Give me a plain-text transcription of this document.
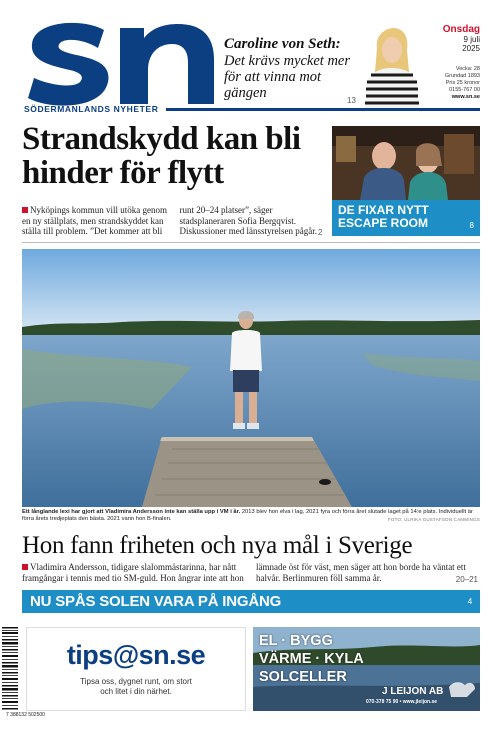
SÖDERMANLANDS NYHETER
Caroline von Seth:
Det krävs mycket mer för att vinna mot gängen	13
Onsdag
9 juli
2025
Vecka: 28
Grundad 1893
Pris 25 kronor
0155-767 00
www.sn.se
Strandskydd kan bli hinder för flytt
Nyköpings kommun vill utöka genom en ny ställplats, men strandskyddet kan ställa till problem. ”Det kommer att bli runt 20–24 platser”, säger stadsplaneraren Sofia Bergqvist. Diskussioner med länsstyrelsen pågår. 2
DE FIXAR NYTT
ESCAPE ROOM	8
Ett långlande lexi har gjort att Vladimira Andersson inte kan ställa upp i VM i år. 2013 blev hon elva i lag, 2021 fyra och förra året slutade laget på 14:e plats. Individuellt är förra årets tredjeplats den bästa. 2021 vann hon B-finalen.	FOTO: ULRIKA GUSTAFSON CAMMINGS
Hon fann friheten och nya mål i Sverige
Vladimira Andersson, tidigare slalommästarinna, har nått framgångar i tennis med tio SM-guld. Hon ångrar inte att hon lämnade öst för väst, men säger att hon borde ha väntat ett halvår. Berlinmuren föll samma år.	20–21
NU SPÅS SOLEN VARA PÅ INGÅNG	4
7 388132 502500
tips@sn.se
Tipsa oss, dygnet runt, om stort
och litet i din närhet.
EL · BYGG
VÄRME · KYLA
SOLCELLER
J LEIJON AB
070-378 75 90 • www.jleijon.se
